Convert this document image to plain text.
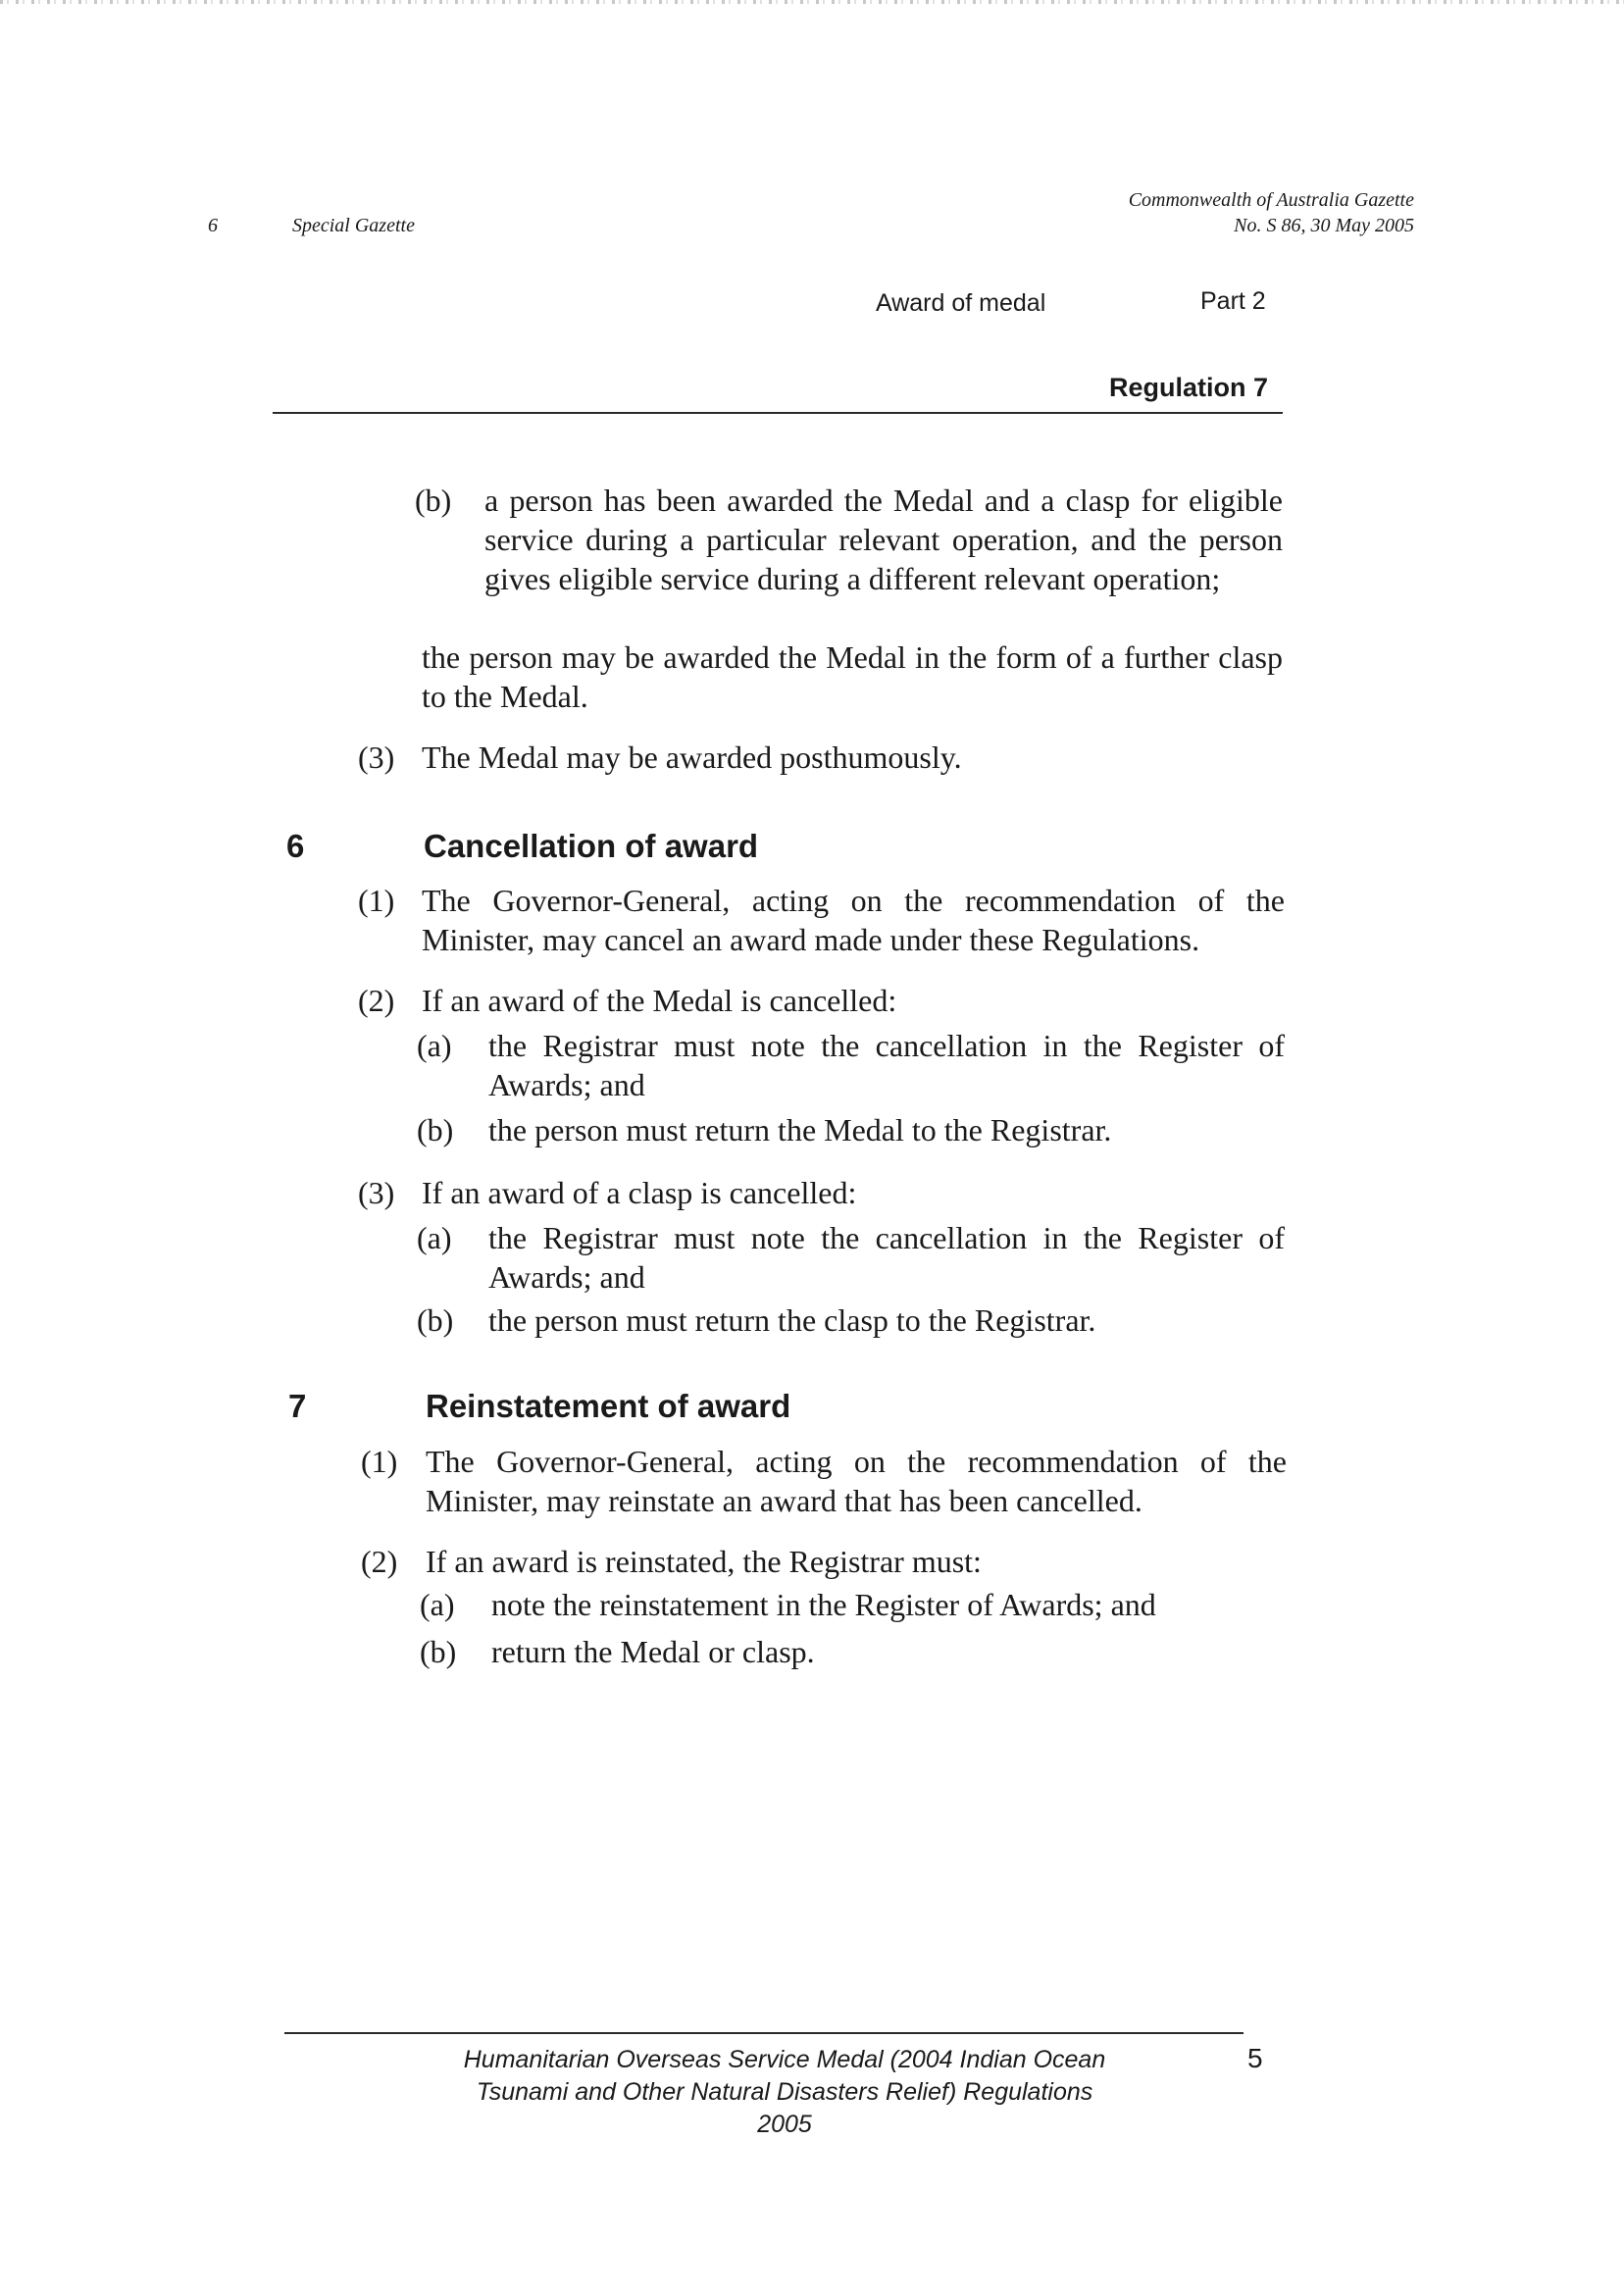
6	Special Gazette
Commonwealth of Australia Gazette
No. S 86, 30 May 2005
Award of medal	Part 2
Regulation 7
(b) a person has been awarded the Medal and a clasp for eligible service during a particular relevant operation, and the person gives eligible service during a different relevant operation;
the person may be awarded the Medal in the form of a further clasp to the Medal.
(3) The Medal may be awarded posthumously.
6	Cancellation of award
(1) The Governor-General, acting on the recommendation of the Minister, may cancel an award made under these Regulations.
(2) If an award of the Medal is cancelled:
(a) the Registrar must note the cancellation in the Register of Awards; and
(b) the person must return the Medal to the Registrar.
(3) If an award of a clasp is cancelled:
(a) the Registrar must note the cancellation in the Register of Awards; and
(b) the person must return the clasp to the Registrar.
7	Reinstatement of award
(1) The Governor-General, acting on the recommendation of the Minister, may reinstate an award that has been cancelled.
(2) If an award is reinstated, the Registrar must:
(a) note the reinstatement in the Register of Awards; and
(b) return the Medal or clasp.
Humanitarian Overseas Service Medal (2004 Indian Ocean
Tsunami and Other Natural Disasters Relief) Regulations
2005
5
